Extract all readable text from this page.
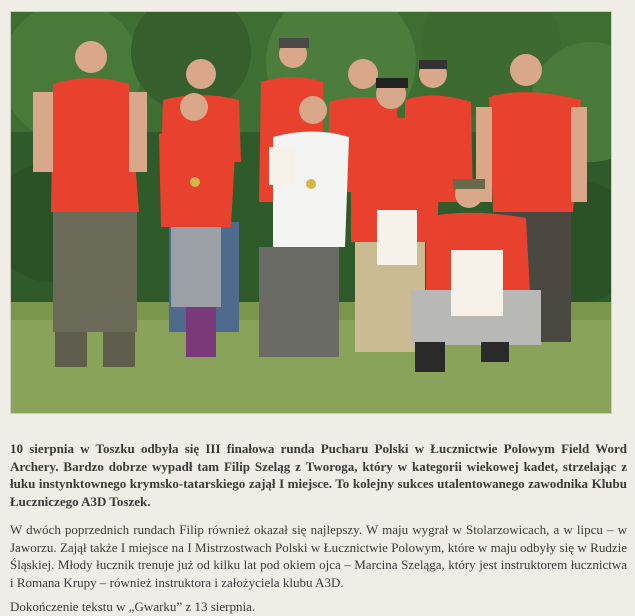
10 sierpnia w Toszku odbyła się III finałowa runda Pucharu Polski w Łucznictwie Polowym Field Word Archery. Bardzo dobrze wypadł tam Filip Szeląg z Tworoga, który w kategorii wiekowej kadet, strzelając z łuku instynktownego krymsko-tatarskiego zajął I miejsce. To kolejny sukces utalentowanego zawodnika Klubu Łuczniczego A3D Toszek.

W dwóch poprzednich rundach Filip również okazał się najlepszy. W maju wygrał w Stolarzowicach, a w lipcu – w Jaworzu. Zajął także I miejsce na I Mistrzostwach Polski w Łucznictwie Polowym, które w maju odbyły się w Rudzie Śląskiej. Młody łucznik trenuje już od kilku lat pod okiem ojca – Marcina Szeląga, który jest instruktorem łucznictwa i Romana Krupy – również instruktora i założyciela klubu A3D.

Dokończenie tekstu w „Gwarku” z 13 sierpnia.
